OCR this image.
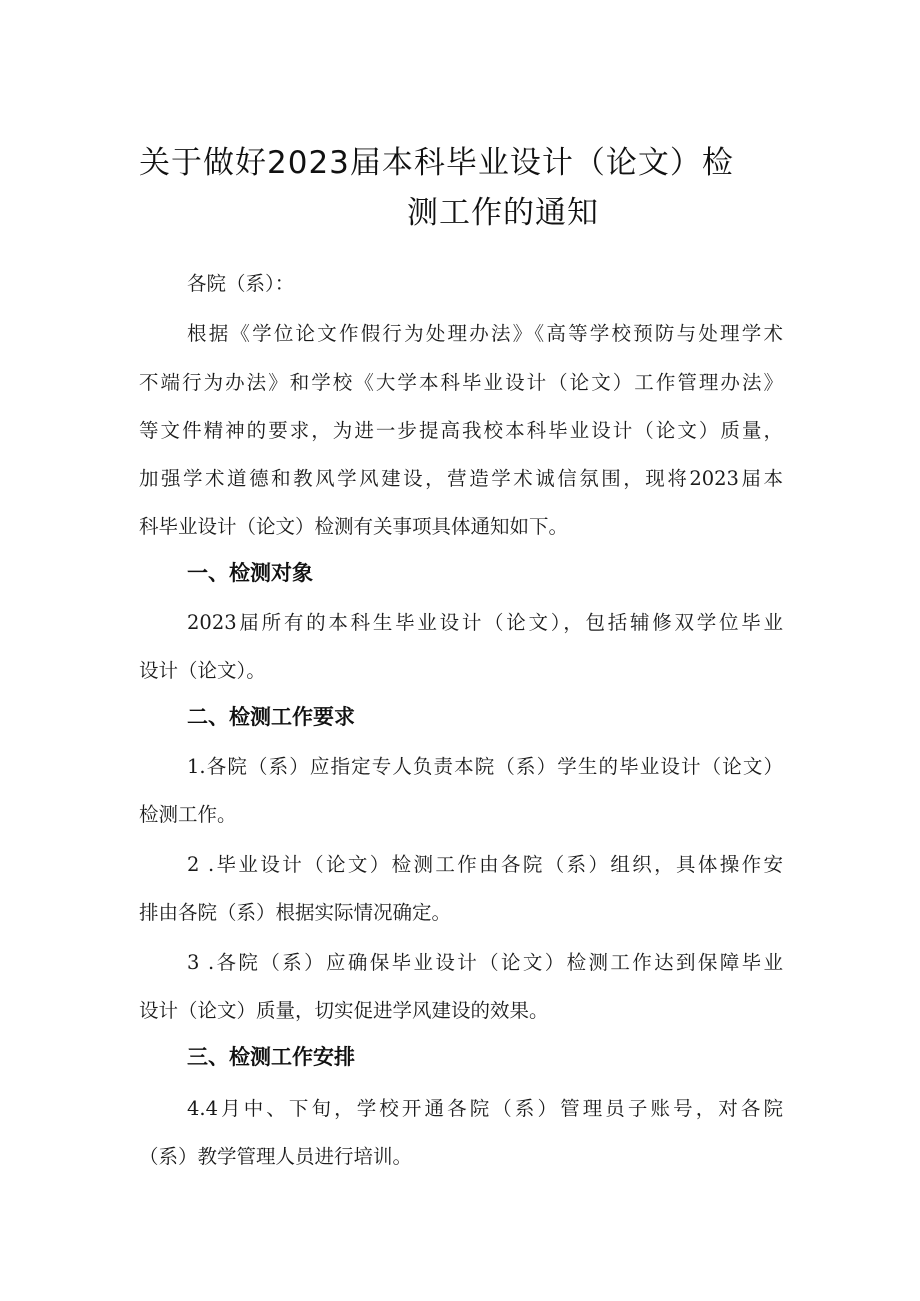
关于做好2023届本科毕业设计（论文）检
测工作的通知
各院（系）：
根据《学位论文作假行为处理办法》《高等学校预防与处理学术
不端行为办法》和学校《大学本科毕业设计（论文）工作管理办法》
等文件精神的要求，为进一步提高我校本科毕业设计（论文）质量，
加强学术道德和教风学风建设，营造学术诚信氛围，现将2023届本
科毕业设计（论文）检测有关事项具体通知如下。
一、检测对象
2023届所有的本科生毕业设计（论文），包括辅修双学位毕业
设计（论文）。
二、检测工作要求
1.各院（系）应指定专人负责本院（系）学生的毕业设计（论文）
检测工作。
2 .毕业设计（论文）检测工作由各院（系）组织，具体操作安
排由各院（系）根据实际情况确定。
3 .各院（系）应确保毕业设计（论文）检测工作达到保障毕业
设计（论文）质量，切实促进学风建设的效果。
三、检测工作安排
4.4月中、下旬，学校开通各院（系）管理员子账号，对各院
（系）教学管理人员进行培训。
